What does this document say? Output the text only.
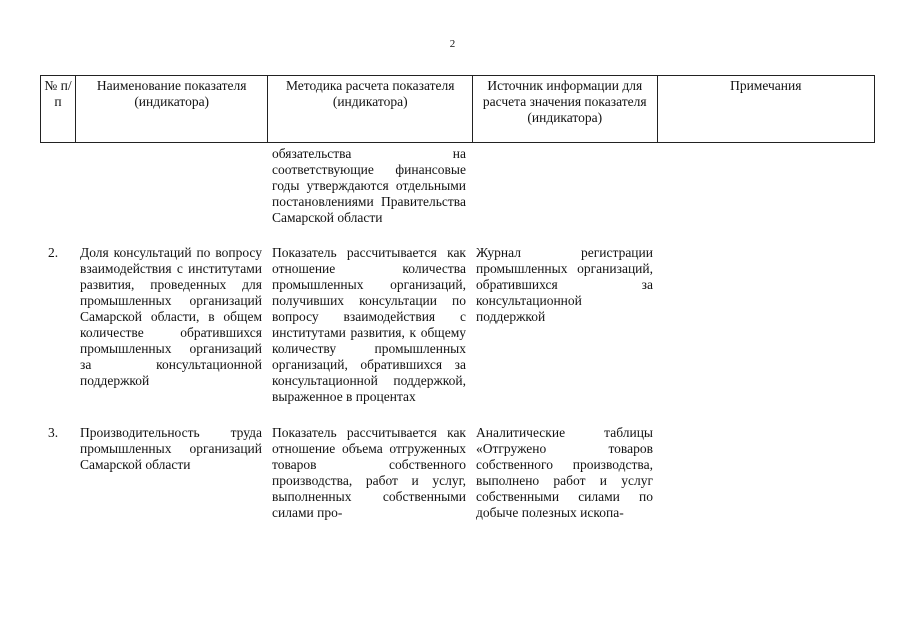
2
№ п/п
Наименование показателя (индикатора)
Методика расчета показателя (индикатора)
Источник информации для расчета значения показателя (индикатора)
Примечания
обязательства на соответствующие финансовые годы утверждаются отдельными постановлениями Правительства Самарской области
2.	Доля консультаций по вопросу взаимодействия с институтами развития, проведенных для промышленных организаций Самарской области, в общем количестве обратившихся промышленных организаций за консультационной поддержкой
Показатель рассчитывается как отношение количества промышленных организаций, получивших консультации по вопросу взаимодействия с институтами развития, к общему количеству промышленных организаций, обратившихся за консультационной поддержкой, выраженное в процентах
Журнал регистрации промышленных организаций, обратившихся за консультационной поддержкой
3.	Производительность труда промышленных организаций Самарской области
Показатель рассчитывается как отношение объема отгруженных товаров собственного производства, работ и услуг, выполненных собственными силами про-
Аналитические таблицы «Отгружено товаров собственного производства, выполнено работ и услуг собственными силами по добыче полезных ископа-
